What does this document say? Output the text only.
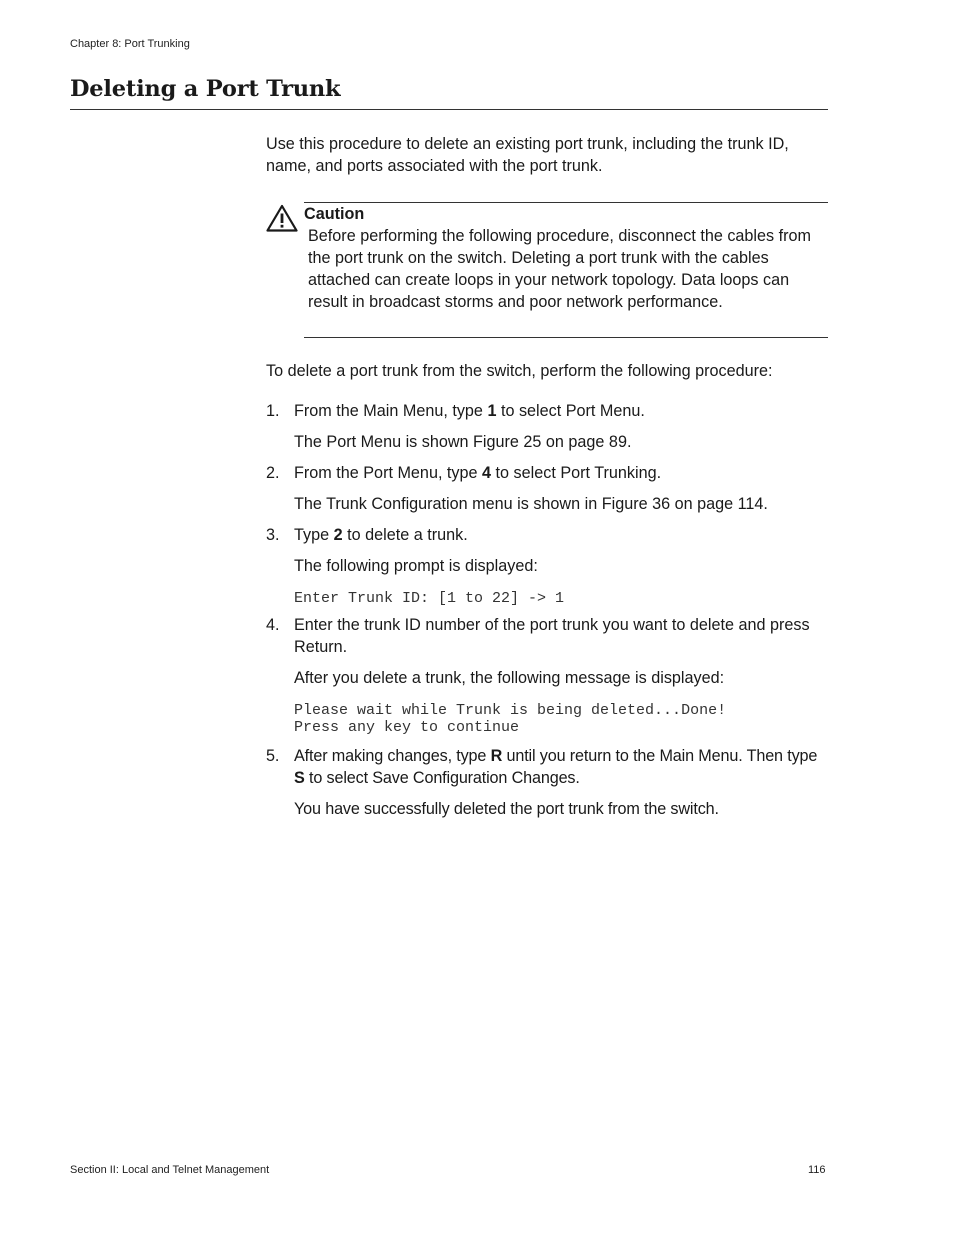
Chapter 8: Port Trunking
Deleting a Port Trunk

Use this procedure to delete an existing port trunk, including the trunk ID, name, and ports associated with the port trunk.

Caution
Before performing the following procedure, disconnect the cables from the port trunk on the switch. Deleting a port trunk with the cables attached can create loops in your network topology. Data loops can result in broadcast storms and poor network performance.

To delete a port trunk from the switch, perform the following procedure:

1. From the Main Menu, type 1 to select Port Menu.

The Port Menu is shown Figure 25 on page 89.

2. From the Port Menu, type 4 to select Port Trunking.

The Trunk Configuration menu is shown in Figure 36 on page 114.

3. Type 2 to delete a trunk.

The following prompt is displayed:

Enter Trunk ID: [1 to 22] -> 1

4. Enter the trunk ID number of the port trunk you want to delete and press Return.

After you delete a trunk, the following message is displayed:

Please wait while Trunk is being deleted...Done!

Press any key to continue

5. After making changes, type R until you return to the Main Menu. Then type S to select Save Configuration Changes.

You have successfully deleted the port trunk from the switch.

Section II: Local and Telnet Management	116
